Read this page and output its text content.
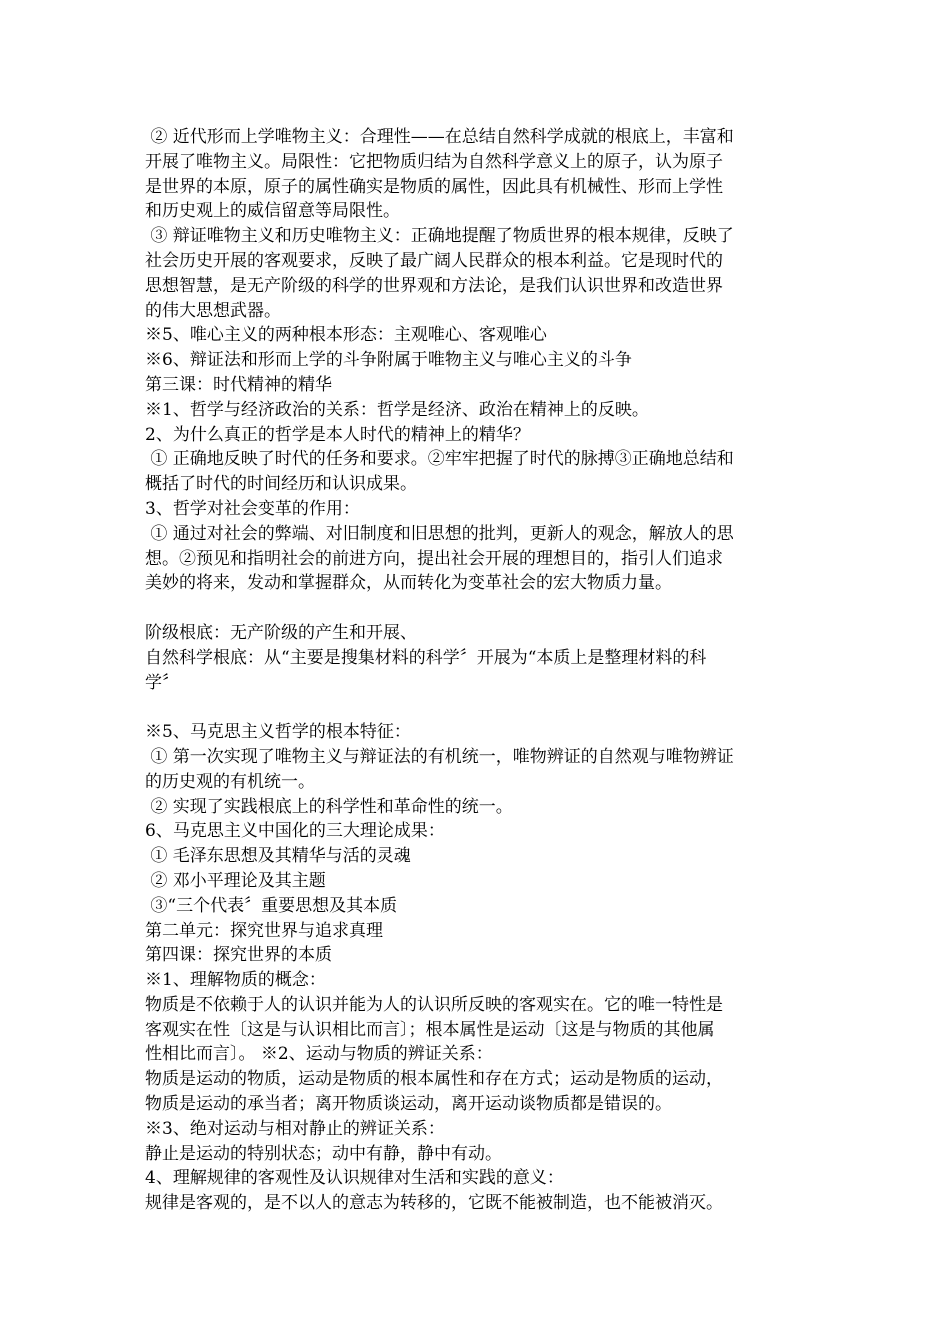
② 近代形而上学唯物主义：合理性——在总结自然科学成就的根底上，丰富和
开展了唯物主义。局限性：它把物质归结为自然科学意义上的原子，认为原子
是世界的本原，原子的属性确实是物质的属性，因此具有机械性、形而上学性
和历史观上的威信留意等局限性。
③ 辩证唯物主义和历史唯物主义：正确地提醒了物质世界的根本规律，反映了
社会历史开展的客观要求，反映了最广阔人民群众的根本利益。它是现时代的
思想智慧，是无产阶级的科学的世界观和方法论，是我们认识世界和改造世界
的伟大思想武器。
※5、唯心主义的两种根本形态：主观唯心、客观唯心
※6、辩证法和形而上学的斗争附属于唯物主义与唯心主义的斗争
第三课：时代精神的精华
※1、哲学与经济政治的关系：哲学是经济、政治在精神上的反映。
2、为什么真正的哲学是本人时代的精神上的精华？
① 正确地反映了时代的任务和要求。②牢牢把握了时代的脉搏③正确地总结和
概括了时代的时间经历和认识成果。
3、哲学对社会变革的作用：
① 通过对社会的弊端、对旧制度和旧思想的批判，更新人的观念，解放人的思
想。②预见和指明社会的前进方向，提出社会开展的理想目的，指引人们追求
美妙的将来，发动和掌握群众，从而转化为变革社会的宏大物质力量。
阶级根底：无产阶级的产生和开展、
自然科学根底：从“主要是搜集材料的科学〞开展为“本质上是整理材料的科
学〞
※5、马克思主义哲学的根本特征：
① 第一次实现了唯物主义与辩证法的有机统一，唯物辨证的自然观与唯物辨证
的历史观的有机统一。
② 实现了实践根底上的科学性和革命性的统一。
6、马克思主义中国化的三大理论成果：
① 毛泽东思想及其精华与活的灵魂
② 邓小平理论及其主题
③“三个代表〞重要思想及其本质
第二单元：探究世界与追求真理
第四课：探究世界的本质
※1、理解物质的概念：
物质是不依赖于人的认识并能为人的认识所反映的客观实在。它的唯一特性是
客观实在性〔这是与认识相比而言〕；根本属性是运动〔这是与物质的其他属
性相比而言〕。 ※2、运动与物质的辨证关系：
物质是运动的物质，运动是物质的根本属性和存在方式；运动是物质的运动，
物质是运动的承当者；离开物质谈运动，离开运动谈物质都是错误的。
※3、绝对运动与相对静止的辨证关系：
静止是运动的特别状态；动中有静，静中有动。
4、理解规律的客观性及认识规律对生活和实践的意义：
规律是客观的，是不以人的意志为转移的，它既不能被制造，也不能被消灭。
